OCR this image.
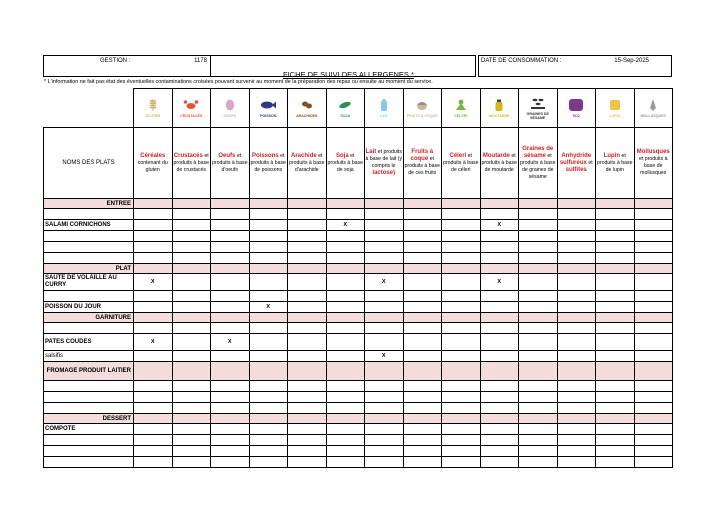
GESTION :	1178
FICHE DE SUIVI DES ALLERGENES *
DATE DE CONSOMMATION :	15-Sep-2025
* L'information ne fait pas état des éventuelles contaminations croisées pouvant survenir au moment de la préparation des repas ou ensuite au moment du service.

	GLUTEN	CRUSTACÉS	OEUFS	POISSON	ARACHIDES	SOJA	LAIT	FRUITS À COQUE	CÉLERI	MOUTARDE	GRAINES DE SÉSAME	SO2	LUPIN	MOLLUSQUES

NOMS DES PLATS	Céréales contenant du gluten	Crustacés et produits à base de crustacés	Oeufs et produits à base d'oeufs	Poissons et produits à base de poissons	Arachide et produits à base d'arachide	Soja et produits à base de soja	Lait et produits à base de lait (y compris le lactose)	Fruits à coque et produits à base de ces fruits	Céleri et produits à base de céleri	Moutarde et produits à base de moutarde	Graines de sésame et produits à base de graines de sésame	Anhydride sulfureux et sulfites	Lupin et produits à base de lupin	Mollusques et produits à base de mollusques
ENTREE														

SALAMI CORNICHONS						X				X				

PLAT														
SAUTE DE VOLAILLE AU CURRY	X						X			X				

POISSON DU JOUR				X										
GARNITURE														

PATES COUDES	X		X											
salsifis							X							
FROMAGE PRODUIT LAITIER														

DESSERT														
COMPOTE														
